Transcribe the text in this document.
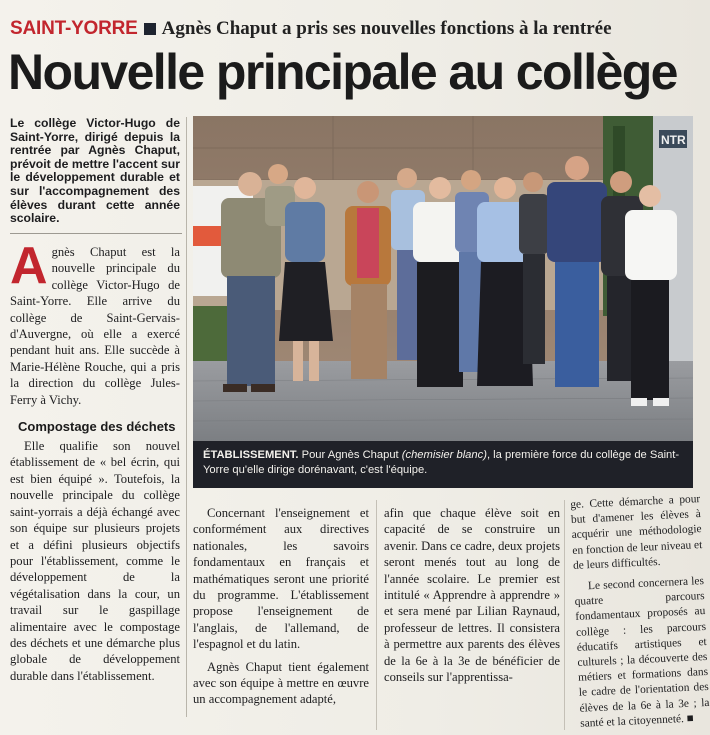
SAINT-YORRE Agnès Chaput a pris ses nouvelles fonctions à la rentrée
Nouvelle principale au collège
Le collège Victor-Hugo de Saint-Yorre, dirigé depuis la rentrée par Agnès Chaput, prévoit de mettre l'accent sur le développement durable et sur l'accompagnement des élèves durant cette année scolaire.
A gnès Chaput est la nouvelle principale du collège Victor-Hugo de Saint-Yorre. Elle arrive du collège de Saint-Gervais-d'Auvergne, où elle a exercé pendant huit ans. Elle succède à Marie-Hélène Rouche, qui a pris la direction du collège Jules-Ferry à Vichy.

Compostage des déchets

Elle qualifie son nouvel établissement de « bel écrin, qui est bien équipé ». Toutefois, la nouvelle principale du collège saint-yorrais a déjà échangé avec son équipe sur plusieurs projets et a défini plusieurs objectifs pour l'établissement, comme le développement de la végétalisation dans la cour, un travail sur le gaspillage alimentaire avec le compostage des déchets et une démarche plus globale de développement durable dans l'établissement.

NTR
ÉTABLISSEMENT. Pour Agnès Chaput (chemisier blanc), la première force du collège de Saint-Yorre qu'elle dirige dorénavant, c'est l'équipe.

Concernant l'enseignement et conformément aux directives nationales, les savoirs fondamentaux en français et mathématiques seront une priorité du programme. L'établissement propose l'enseignement de l'anglais, de l'allemand, de l'espagnol et du latin.

Agnès Chaput tient également avec son équipe à mettre en œuvre un accompagnement adapté,

afin que chaque élève soit en capacité de se construire un avenir. Dans ce cadre, deux projets seront menés tout au long de l'année scolaire. Le premier est intitulé « Apprendre à apprendre » et sera mené par Lilian Raynaud, professeur de lettres. Il consistera à permettre aux parents des élèves de la 6e à la 3e de bénéficier de conseils sur l'apprentissa-

ge. Cette démarche a pour but d'amener les élèves à acquérir une méthodologie en fonction de leur niveau et de leurs difficultés.

Le second concernera les quatre parcours fondamentaux proposés au collège : les parcours éducatifs artistiques et culturels ; la découverte des métiers et formations dans le cadre de l'orientation des élèves de la 6e à la 3e ; la santé et la citoyenneté. ■
